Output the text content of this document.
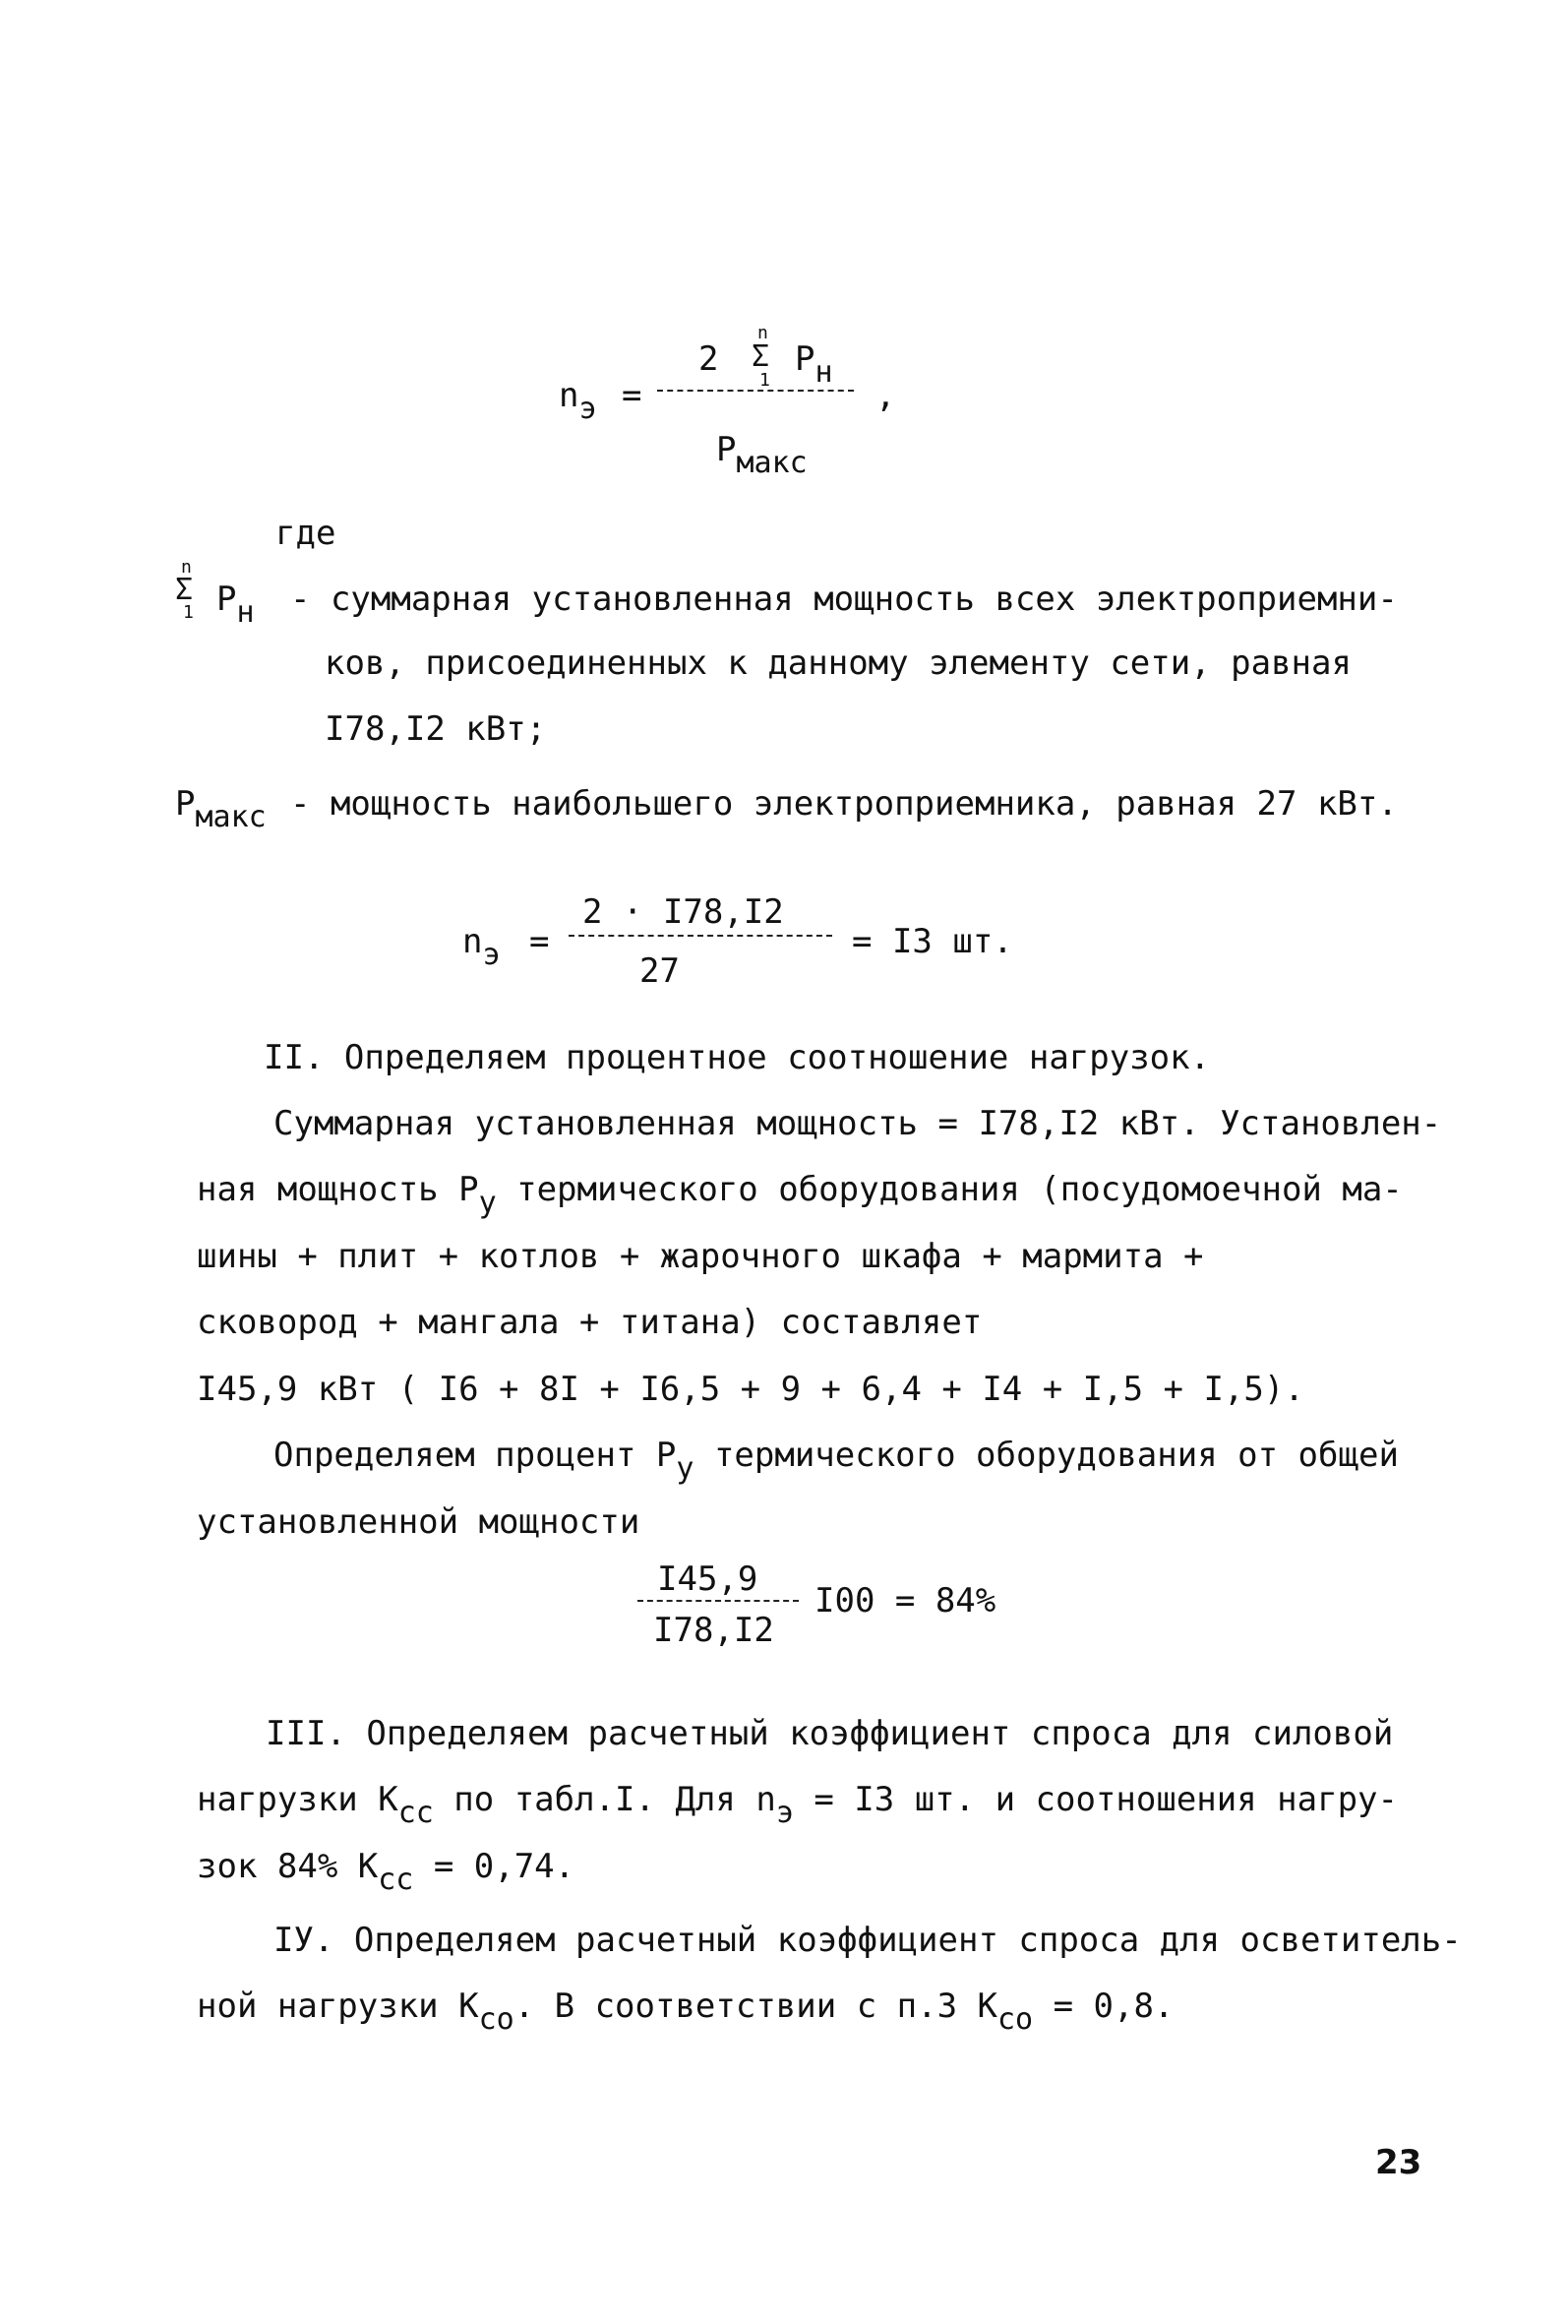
$n_э$ =
2
n
Σ
1
$P_н$
,
$P_{макс}$
где
n
Σ
1 $P_н$ - суммарная установленная мощность всех электроприемни-
ков, присоединенных к данному элементу сети, равная
I78,I2 кВт;
$P_{макс}$ - мощность наибольшего электроприемника, равная 27 кВт.
$n_э$ =
2 · I78,I2
27
= I3 шт.
II. Определяем процентное соотношение нагрузок.
Суммарная установленная мощность = I78,I2 кВт. Установлен-
ная мощность $P_у$ термического оборудования (посудомоечной ма-
шины + плит + котлов + жарочного шкафа + мармита +
сковород + мангала + титана) составляет
I45,9 кВт ( I6 + 8I + I6,5 + 9 + 6,4 + I4 + I,5 + I,5).
Определяем процент $P_у$ термического оборудования от общей
установленной мощности
I45,9
I78,I2
I00 = 84%
III. Определяем расчетный коэффициент спроса для силовой
нагрузки $K_{сс}$ по табл.I. Для $n_э = I3$ шт. и соотношения нагру-
зок 84% $K_{сс} = 0,74$.
IУ. Определяем расчетный коэффициент спроса для осветитель-
ной нагрузки $K_{со}$. В соответствии с п.3 $K_{со} = 0,8$.
23
